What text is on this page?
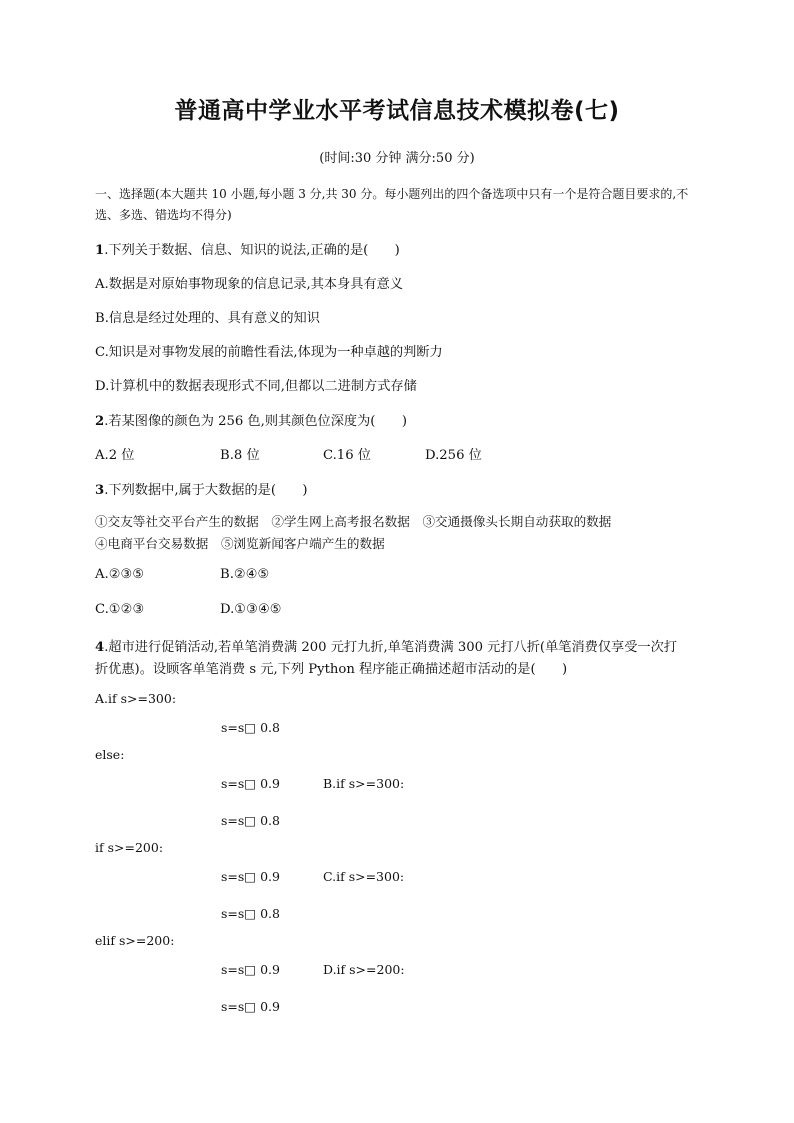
普通高中学业水平考试信息技术模拟卷(七)
(时间:30 分钟 满分:50 分)
一、选择题(本大题共 10 小题,每小题 3 分,共 30 分。每小题列出的四个备选项中只有一个是符合题目要求的,不选、多选、错选均不得分)
1.下列关于数据、信息、知识的说法,正确的是(　　)
A.数据是对原始事物现象的信息记录,其本身具有意义
B.信息是经过处理的、具有意义的知识
C.知识是对事物发展的前瞻性看法,体现为一种卓越的判断力
D.计算机中的数据表现形式不同,但都以二进制方式存储
2.若某图像的颜色为 256 色,则其颜色位深度为(　　)
A.2 位	B.8 位	C.16 位	D.256 位
3.下列数据中,属于大数据的是(　　)
①交友等社交平台产生的数据　②学生网上高考报名数据　③交通摄像头长期自动获取的数据
④电商平台交易数据　⑤浏览新闻客户端产生的数据
A.②③⑤	B.②④⑤
C.①②③	D.①③④⑤
4.超市进行促销活动,若单笔消费满 200 元打九折,单笔消费满 300 元打八折(单笔消费仅享受一次打
折优惠)。设顾客单笔消费 s 元,下列 Python 程序能正确描述超市活动的是(　　)
A.if s>=300:
s=s□ 0.8
else:
s=s□ 0.9	B.if s>=300:
s=s□ 0.8
if s>=200:
s=s□ 0.9	C.if s>=300:
s=s□ 0.8
elif s>=200:
s=s□ 0.9	D.if s>=200:
s=s□ 0.9
